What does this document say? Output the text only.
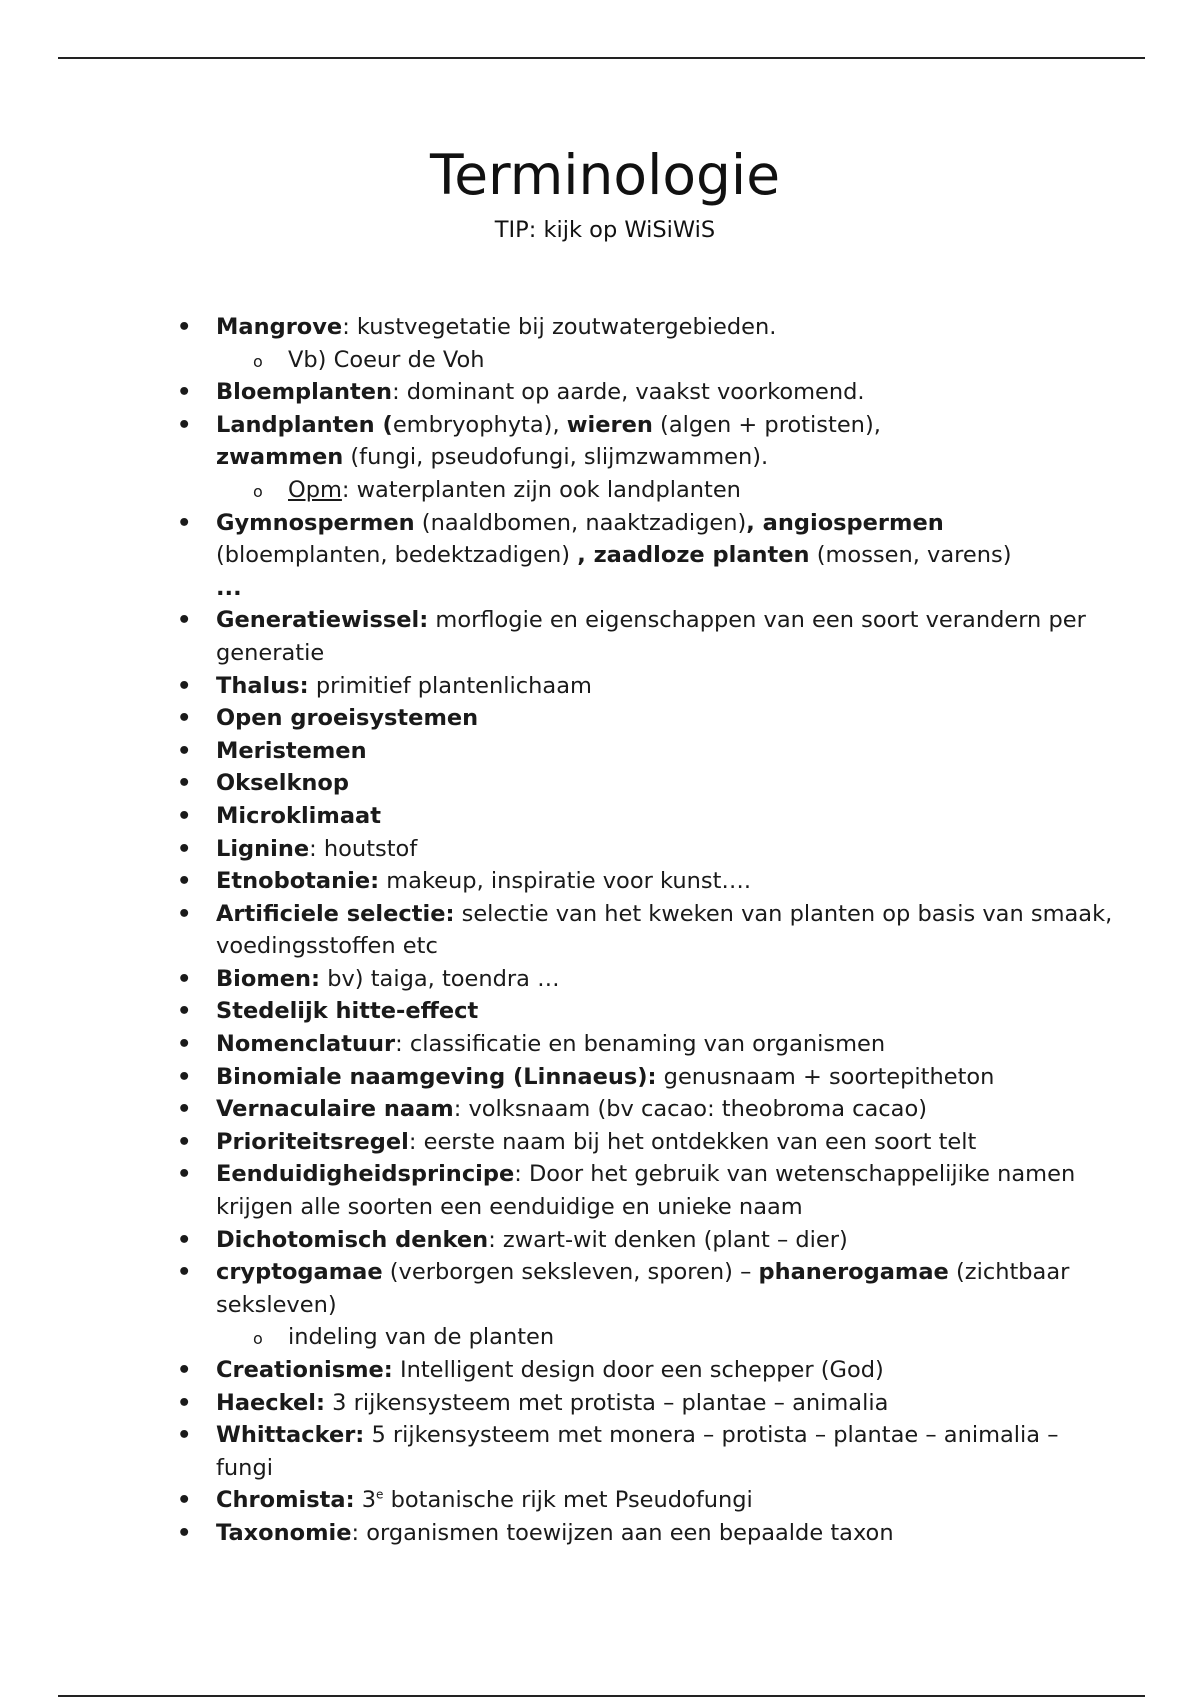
Terminologie
TIP: kijk op WiSiWiS
• Mangrove: kustvegetatie bij zoutwatergebieden.
o Vb) Coeur de Voh
• Bloemplanten: dominant op aarde, vaakst voorkomend.
• Landplanten (embryophyta), wieren (algen + protisten),
zwammen (fungi, pseudofungi, slijmzwammen).
o Opm: waterplanten zijn ook landplanten
• Gymnospermen (naaldbomen, naaktzadigen), angiospermen
(bloemplanten, bedektzadigen) , zaadloze planten (mossen, varens)
...
• Generatiewissel: morflogie en eigenschappen van een soort verandern per generatie
• Thalus: primitief plantenlichaam
• Open groeisystemen
• Meristemen
• Okselknop
• Microklimaat
• Lignine: houtstof
• Etnobotanie: makeup, inspiratie voor kunst….
• Artificiele selectie: selectie van het kweken van planten op basis van smaak, voedingsstoffen etc
• Biomen: bv) taiga, toendra …
• Stedelijk hitte-effect
• Nomenclatuur: classificatie en benaming van organismen
• Binomiale naamgeving (Linnaeus): genusnaam + soortepitheton
• Vernaculaire naam: volksnaam (bv cacao: theobroma cacao)
• Prioriteitsregel: eerste naam bij het ontdekken van een soort telt
• Eenduidigheidsprincipe: Door het gebruik van wetenschappelijike namen krijgen alle soorten een eenduidige en unieke naam
• Dichotomisch denken: zwart-wit denken (plant – dier)
• cryptogamae (verborgen seksleven, sporen) – phanerogamae (zichtbaar seksleven)
o indeling van de planten
• Creationisme: Intelligent design door een schepper (God)
• Haeckel: 3 rijkensysteem met protista – plantae – animalia
• Whittacker: 5 rijkensysteem met monera – protista – plantae – animalia – fungi
• Chromista: 3e botanische rijk met Pseudofungi
• Taxonomie: organismen toewijzen aan een bepaalde taxon
